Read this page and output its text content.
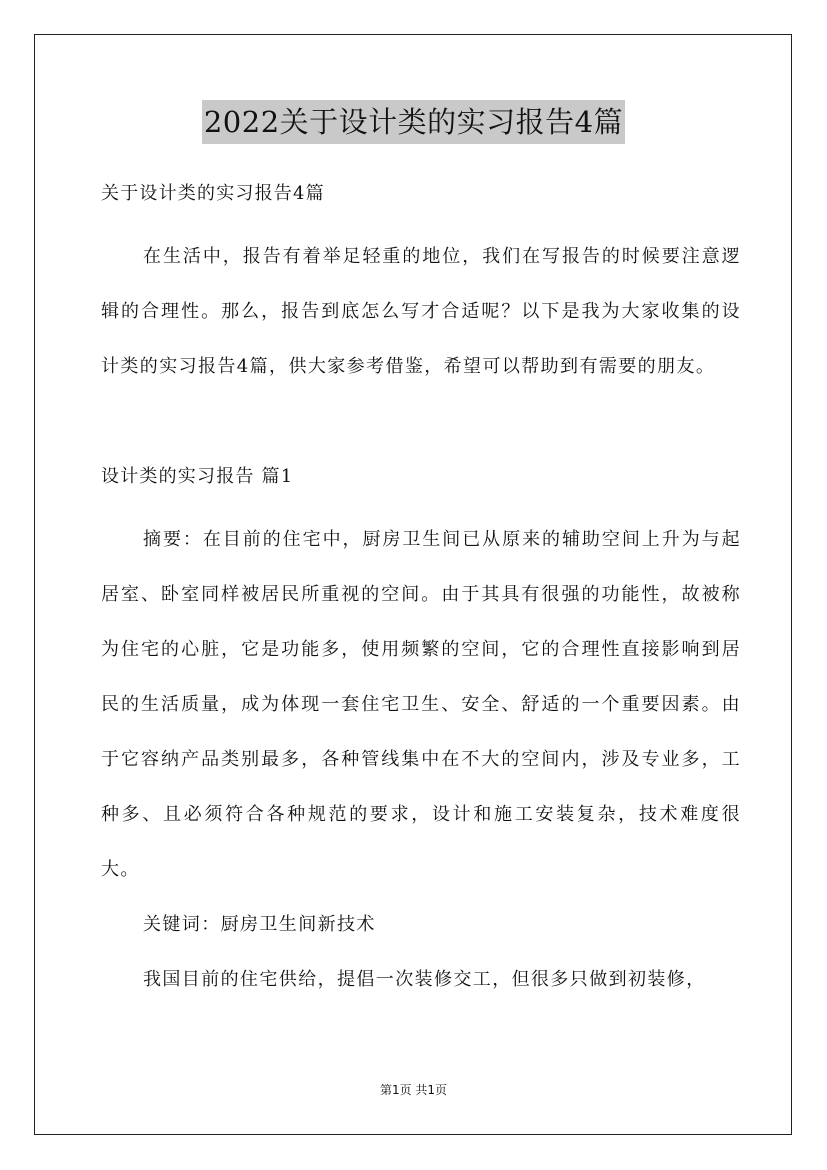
2022关于设计类的实习报告4篇
关于设计类的实习报告4篇
在生活中，报告有着举足轻重的地位，我们在写报告的时候要注意逻辑的合理性。那么，报告到底怎么写才合适呢？以下是我为大家收集的设计类的实习报告4篇，供大家参考借鉴，希望可以帮助到有需要的朋友。
设计类的实习报告 篇1
摘要：在目前的住宅中，厨房卫生间已从原来的辅助空间上升为与起居室、卧室同样被居民所重视的空间。由于其具有很强的功能性，故被称为住宅的心脏，它是功能多，使用频繁的空间，它的合理性直接影响到居民的生活质量，成为体现一套住宅卫生、安全、舒适的一个重要因素。由于它容纳产品类别最多，各种管线集中在不大的空间内，涉及专业多，工种多、且必须符合各种规范的要求，设计和施工安装复杂，技术难度很大。
关键词：厨房卫生间新技术
我国目前的住宅供给，提倡一次装修交工，但很多只做到初装修，
第1页 共1页
